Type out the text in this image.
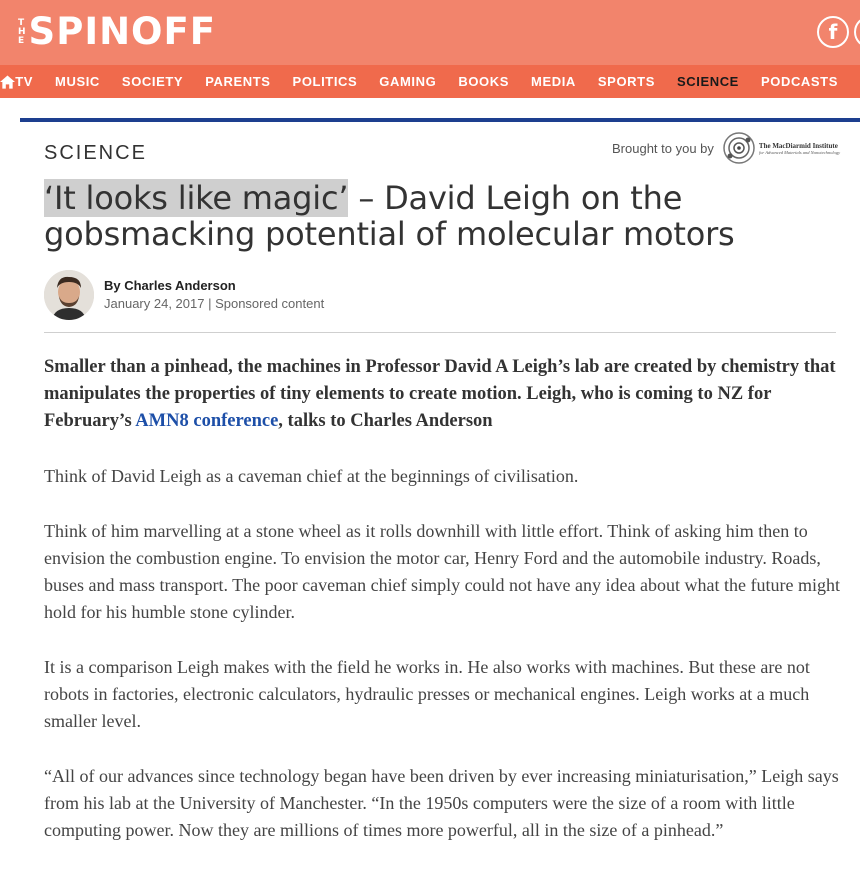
T
H
E SPINOFF	f
TV MUSIC SOCIETY PARENTS POLITICS GAMING BOOKS MEDIA SPORTS SCIENCE PODCASTS
SCIENCE	Brought to you by	The MacDiarmid Institute
for Advanced Materials and Nanotechnology
‘It looks like magic’ – David Leigh on the gobsmacking potential of molecular motors
By Charles Anderson
January 24, 2017 | Sponsored content

Smaller than a pinhead, the machines in Professor David A Leigh’s lab are created by chemistry that manipulates the properties of tiny elements to create motion. Leigh, who is coming to NZ for February’s AMN8 conference, talks to Charles Anderson

Think of David Leigh as a caveman chief at the beginnings of civilisation.

Think of him marvelling at a stone wheel as it rolls downhill with little effort. Think of asking him then to envision the combustion engine. To envision the motor car, Henry Ford and the automobile industry. Roads, buses and mass transport. The poor caveman chief simply could not have any idea about what the future might hold for his humble stone cylinder.

It is a comparison Leigh makes with the field he works in. He also works with machines. But these are not robots in factories, electronic calculators, hydraulic presses or mechanical engines. Leigh works at a much smaller level.

“All of our advances since technology began have been driven by ever increasing miniaturisation,” Leigh says from his lab at the University of Manchester. “In the 1950s computers were the size of a room with little computing power. Now they are millions of times more powerful, all in the size of a pinhead.”
